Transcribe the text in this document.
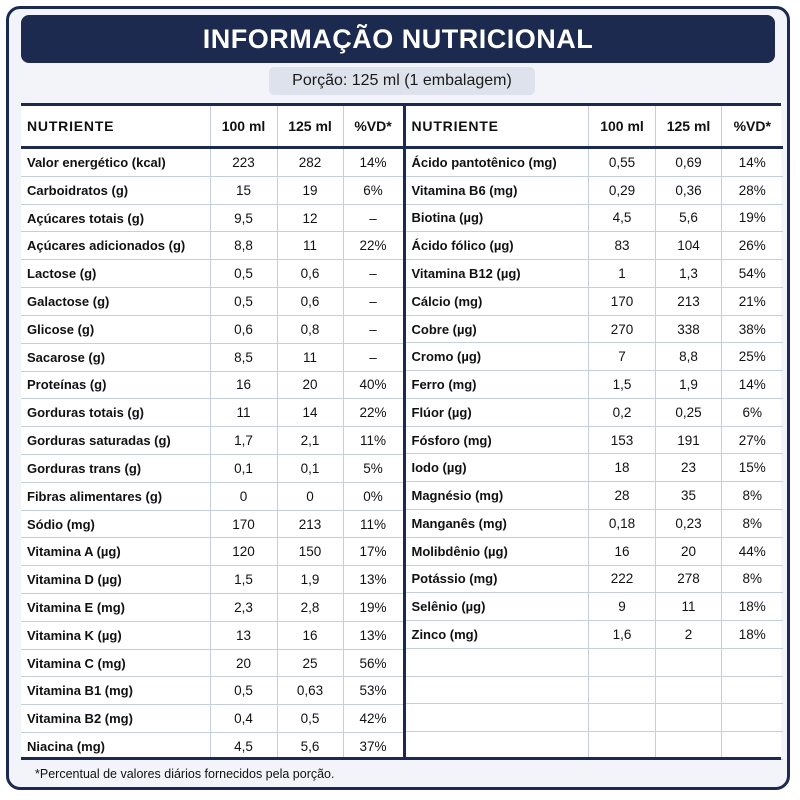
INFORMAÇÃO NUTRICIONAL
Porção: 125 ml (1 embalagem)
NUTRIENTE	100 ml	125 ml	%VD*
Valor energético (kcal)	223	282	14%
Carboidratos (g)	15	19	6%
Açúcares totais (g)	9,5	12	–
Açúcares adicionados (g)	8,8	11	22%
Lactose (g)	0,5	0,6	–
Galactose (g)	0,5	0,6	–
Glicose (g)	0,6	0,8	–
Sacarose (g)	8,5	11	–
Proteínas (g)	16	20	40%
Gorduras totais (g)	11	14	22%
Gorduras saturadas (g)	1,7	2,1	11%
Gorduras trans (g)	0,1	0,1	5%
Fibras alimentares (g)	0	0	0%
Sódio (mg)	170	213	11%
Vitamina A (µg)	120	150	17%
Vitamina D (µg)	1,5	1,9	13%
Vitamina E (mg)	2,3	2,8	19%
Vitamina K (µg)	13	16	13%
Vitamina C (mg)	20	25	56%
Vitamina B1 (mg)	0,5	0,63	53%
Vitamina B2 (mg)	0,4	0,5	42%
Niacina (mg)	4,5	5,6	37%
NUTRIENTE	100 ml	125 ml	%VD*
Ácido pantotênico (mg)	0,55	0,69	14%
Vitamina B6 (mg)	0,29	0,36	28%
Biotina (µg)	4,5	5,6	19%
Ácido fólico (µg)	83	104	26%
Vitamina B12 (µg)	1	1,3	54%
Cálcio (mg)	170	213	21%
Cobre (µg)	270	338	38%
Cromo (µg)	7	8,8	25%
Ferro (mg)	1,5	1,9	14%
Flúor (µg)	0,2	0,25	6%
Fósforo (mg)	153	191	27%
Iodo (µg)	18	23	15%
Magnésio (mg)	28	35	8%
Manganês (mg)	0,18	0,23	8%
Molibdênio (µg)	16	20	44%
Potássio (mg)	222	278	8%
Selênio (µg)	9	11	18%
Zinco (mg)	1,6	2	18%

*Percentual de valores diários fornecidos pela porção.
